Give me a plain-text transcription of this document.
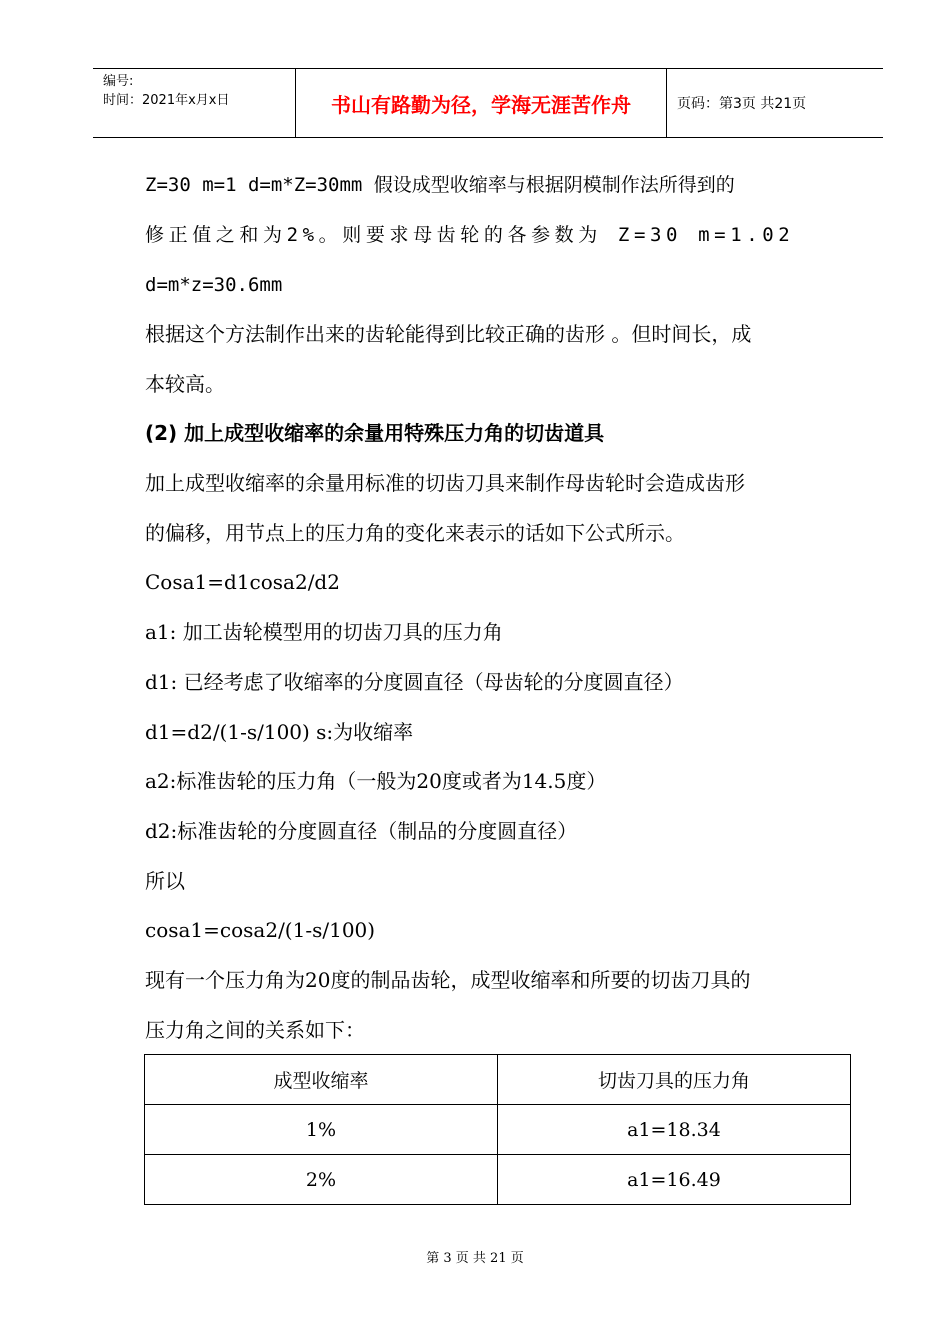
编号:
时间：2021年x月x日	书山有路勤为径，学海无涯苦作舟	页码：第3页 共21页
Z=30 m=1 d=m*Z=30mm 假设成型收缩率与根据阴模制作法所得到的
修正值之和为2%。则要求母齿轮的各参数为 Z=30 m=1.02
d=m*z=30.6mm
根据这个方法制作出来的齿轮能得到比较正确的齿形 。但时间长，成
本较高。
(2) 加上成型收缩率的余量用特殊压力角的切齿道具
加上成型收缩率的余量用标准的切齿刀具来制作母齿轮时会造成齿形
的偏移，用节点上的压力角的变化来表示的话如下公式所示。
Cosa1=d1cosa2/d2
a1: 加工齿轮模型用的切齿刀具的压力角
d1: 已经考虑了收缩率的分度圆直径（母齿轮的分度圆直径）
d1=d2/(1-s/100) s:为收缩率
a2:标准齿轮的压力角（一般为20度或者为14.5度）
d2:标准齿轮的分度圆直径（制品的分度圆直径）
所以
cosa1=cosa2/(1-s/100)
现有一个压力角为20度的制品齿轮，成型收缩率和所要的切齿刀具的
压力角之间的关系如下：
成型收缩率	切齿刀具的压力角
1%	a1=18.34
2%	a1=16.49
第 3 页 共 21 页
